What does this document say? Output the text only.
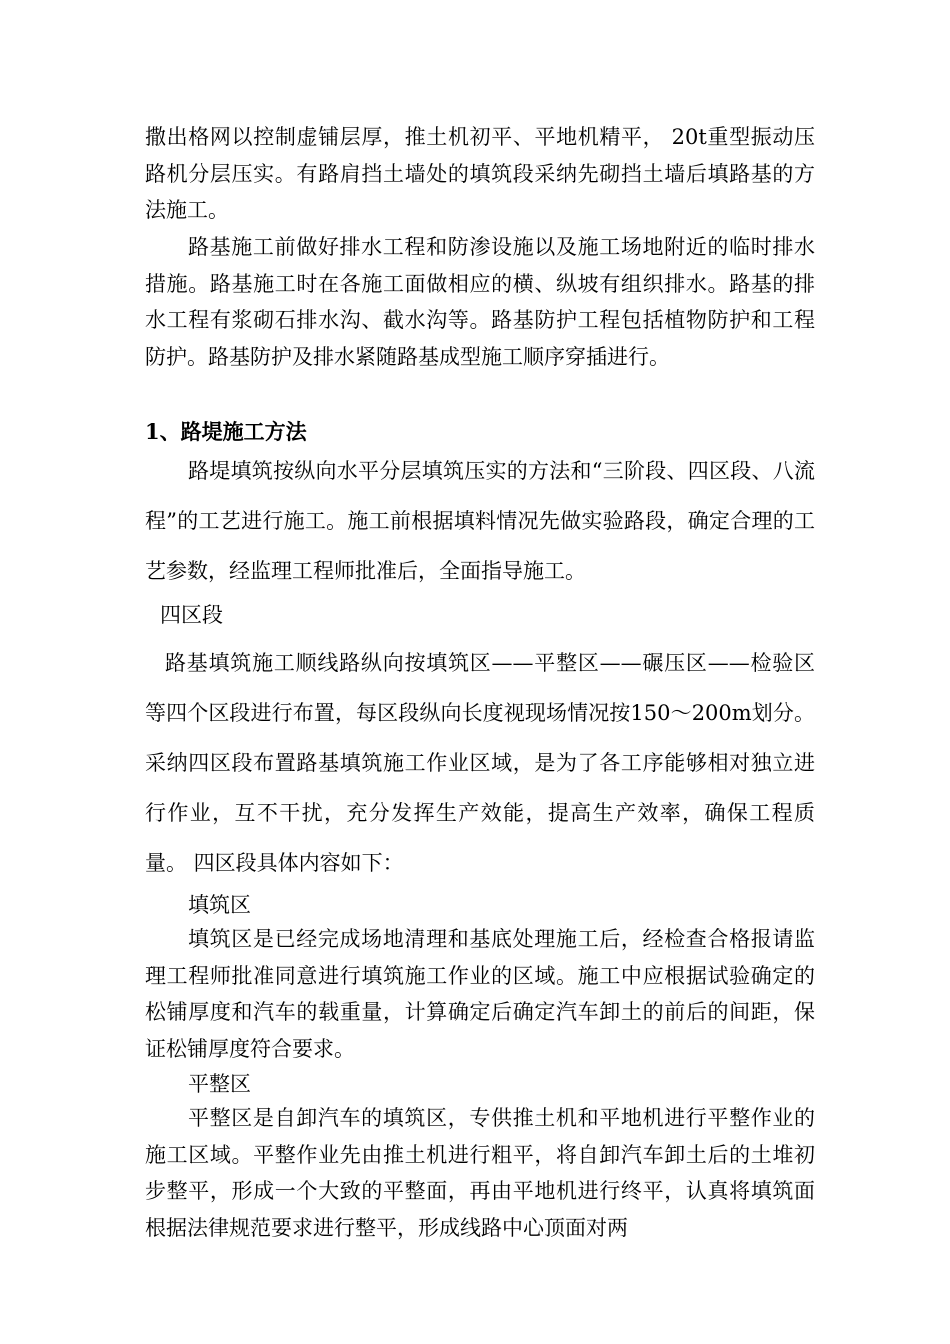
撒出格网以控制虚铺层厚，推土机初平、平地机精平， 20t重型振动压路机分层压实。有路肩挡土墙处的填筑段采纳先砌挡土墙后填路基的方法施工。

路基施工前做好排水工程和防渗设施以及施工场地附近的临时排水措施。路基施工时在各施工面做相应的横、纵坡有组织排水。路基的排水工程有浆砌石排水沟、截水沟等。路基防护工程包括植物防护和工程防护。路基防护及排水紧随路基成型施工顺序穿插进行。

1、路堤施工方法

路堤填筑按纵向水平分层填筑压实的方法和“三阶段、四区段、八流程”的工艺进行施工。施工前根据填料情况先做实验路段，确定合理的工艺参数，经监理工程师批准后，全面指导施工。

四区段

路基填筑施工顺线路纵向按填筑区——平整区——碾压区——检验区等四个区段进行布置，每区段纵向长度视现场情况按150～200m划分。采纳四区段布置路基填筑施工作业区域，是为了各工序能够相对独立进行作业，互不干扰，充分发挥生产效能，提高生产效率，确保工程质量。 四区段具体内容如下：

填筑区

填筑区是已经完成场地清理和基底处理施工后，经检查合格报请监理工程师批准同意进行填筑施工作业的区域。施工中应根据试验确定的松铺厚度和汽车的载重量，计算确定后确定汽车卸土的前后的间距，保证松铺厚度符合要求。

平整区

平整区是自卸汽车的填筑区，专供推土机和平地机进行平整作业的施工区域。平整作业先由推土机进行粗平，将自卸汽车卸土后的土堆初步整平，形成一个大致的平整面，再由平地机进行终平，认真将填筑面根据法律规范要求进行整平，形成线路中心顶面对两
